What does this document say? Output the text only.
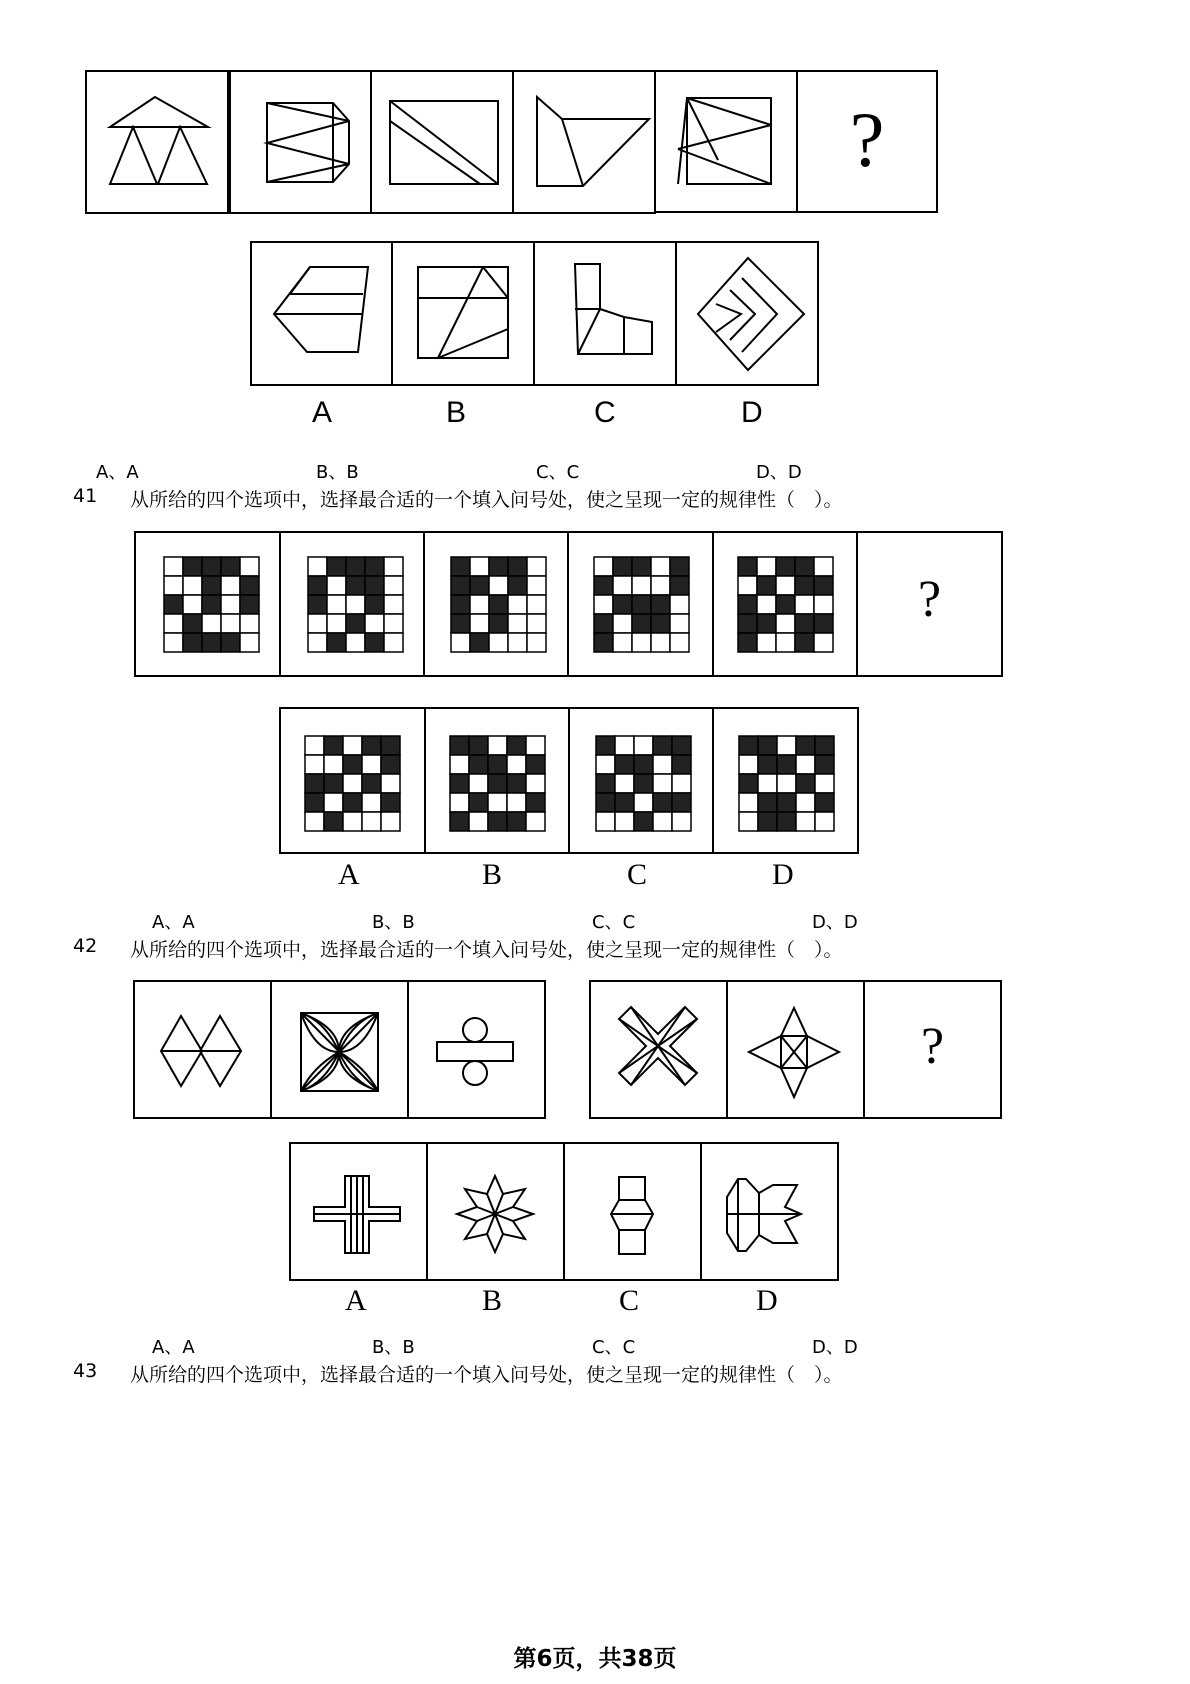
?
A	B	C	D
A、A	B、B	C、C	D、D
41 从所给的四个选项中，选择最合适的一个填入问号处，使之呈现一定的规律性（　）。
?
A	B	C	D
A、A	B、B	C、C	D、D
42 从所给的四个选项中，选择最合适的一个填入问号处，使之呈现一定的规律性（　）。
?
A	B	C	D
A、A	B、B	C、C	D、D
43 从所给的四个选项中，选择最合适的一个填入问号处，使之呈现一定的规律性（　）。
第6页，共38页
